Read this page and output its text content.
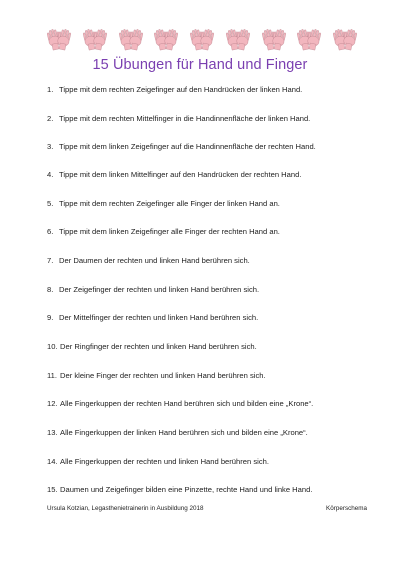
15 Übungen für Hand und Finger
1. Tippe mit dem rechten Zeigefinger auf den Handrücken der linken Hand.
2. Tippe mit dem rechten Mittelfinger in die Handinnenfläche der linken Hand.
3. Tippe mit dem linken Zeigefinger auf die Handinnenfläche der rechten Hand.
4. Tippe mit dem linken Mittelfinger auf den Handrücken der rechten Hand.
5. Tippe mit dem rechten Zeigefinger alle Finger der linken Hand an.
6. Tippe mit dem linken Zeigefinger alle Finger der rechten Hand an.
7. Der Daumen der rechten und linken Hand berühren sich.
8. Der Zeigefinger der rechten und linken Hand berühren sich.
9. Der Mittelfinger der rechten und linken Hand berühren sich.
10. Der Ringfinger der rechten und linken Hand berühren sich.
11. Der kleine Finger der rechten und linken Hand berühren sich.
12. Alle Fingerkuppen der rechten Hand berühren sich und bilden eine „Krone“.
13. Alle Fingerkuppen der linken Hand berühren sich und bilden eine „Krone“.
14. Alle Fingerkuppen der rechten und linken Hand berühren sich.
15. Daumen und Zeigefinger bilden eine Pinzette, rechte Hand und linke Hand.
Ursula Kotzian, Legasthenietrainerin in Ausbildung 2018	Körperschema
